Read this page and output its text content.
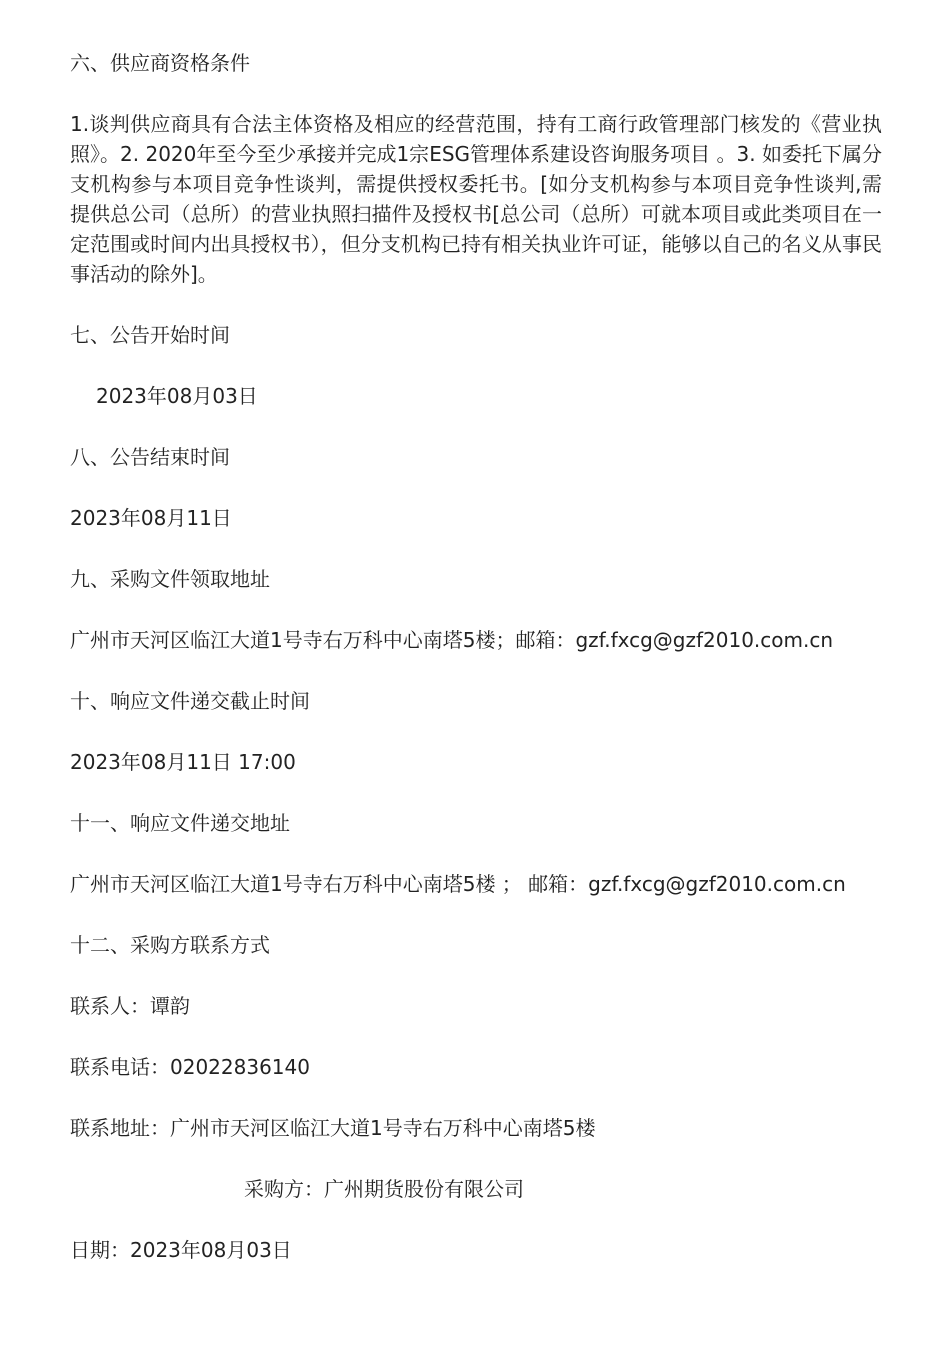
六、供应商资格条件

1.谈判供应商具有合法主体资格及相应的经营范围，持有工商行政管理部门核发的《营业执照》。2. 2020年至今至少承接并完成1宗ESG管理体系建设咨询服务项目 。3. 如委托下属分支机构参与本项目竞争性谈判，需提供授权委托书。[如分支机构参与本项目竞争性谈判,需提供总公司（总所）的营业执照扫描件及授权书[总公司（总所）可就本项目或此类项目在一定范围或时间内出具授权书），但分支机构已持有相关执业许可证，能够以自己的名义从事民事活动的除外]。

七、公告开始时间

2023年08月03日

八、公告结束时间

2023年08月11日

九、采购文件领取地址

广州市天河区临江大道1号寺右万科中心南塔5楼；邮箱：gzf.fxcg@gzf2010.com.cn

十、响应文件递交截止时间

2023年08月11日 17:00

十一、响应文件递交地址

广州市天河区临江大道1号寺右万科中心南塔5楼 ； 邮箱：gzf.fxcg@gzf2010.com.cn

十二、采购方联系方式

联系人：谭韵

联系电话：02022836140

联系地址：广州市天河区临江大道1号寺右万科中心南塔5楼

采购方：广州期货股份有限公司

日期：2023年08月03日
